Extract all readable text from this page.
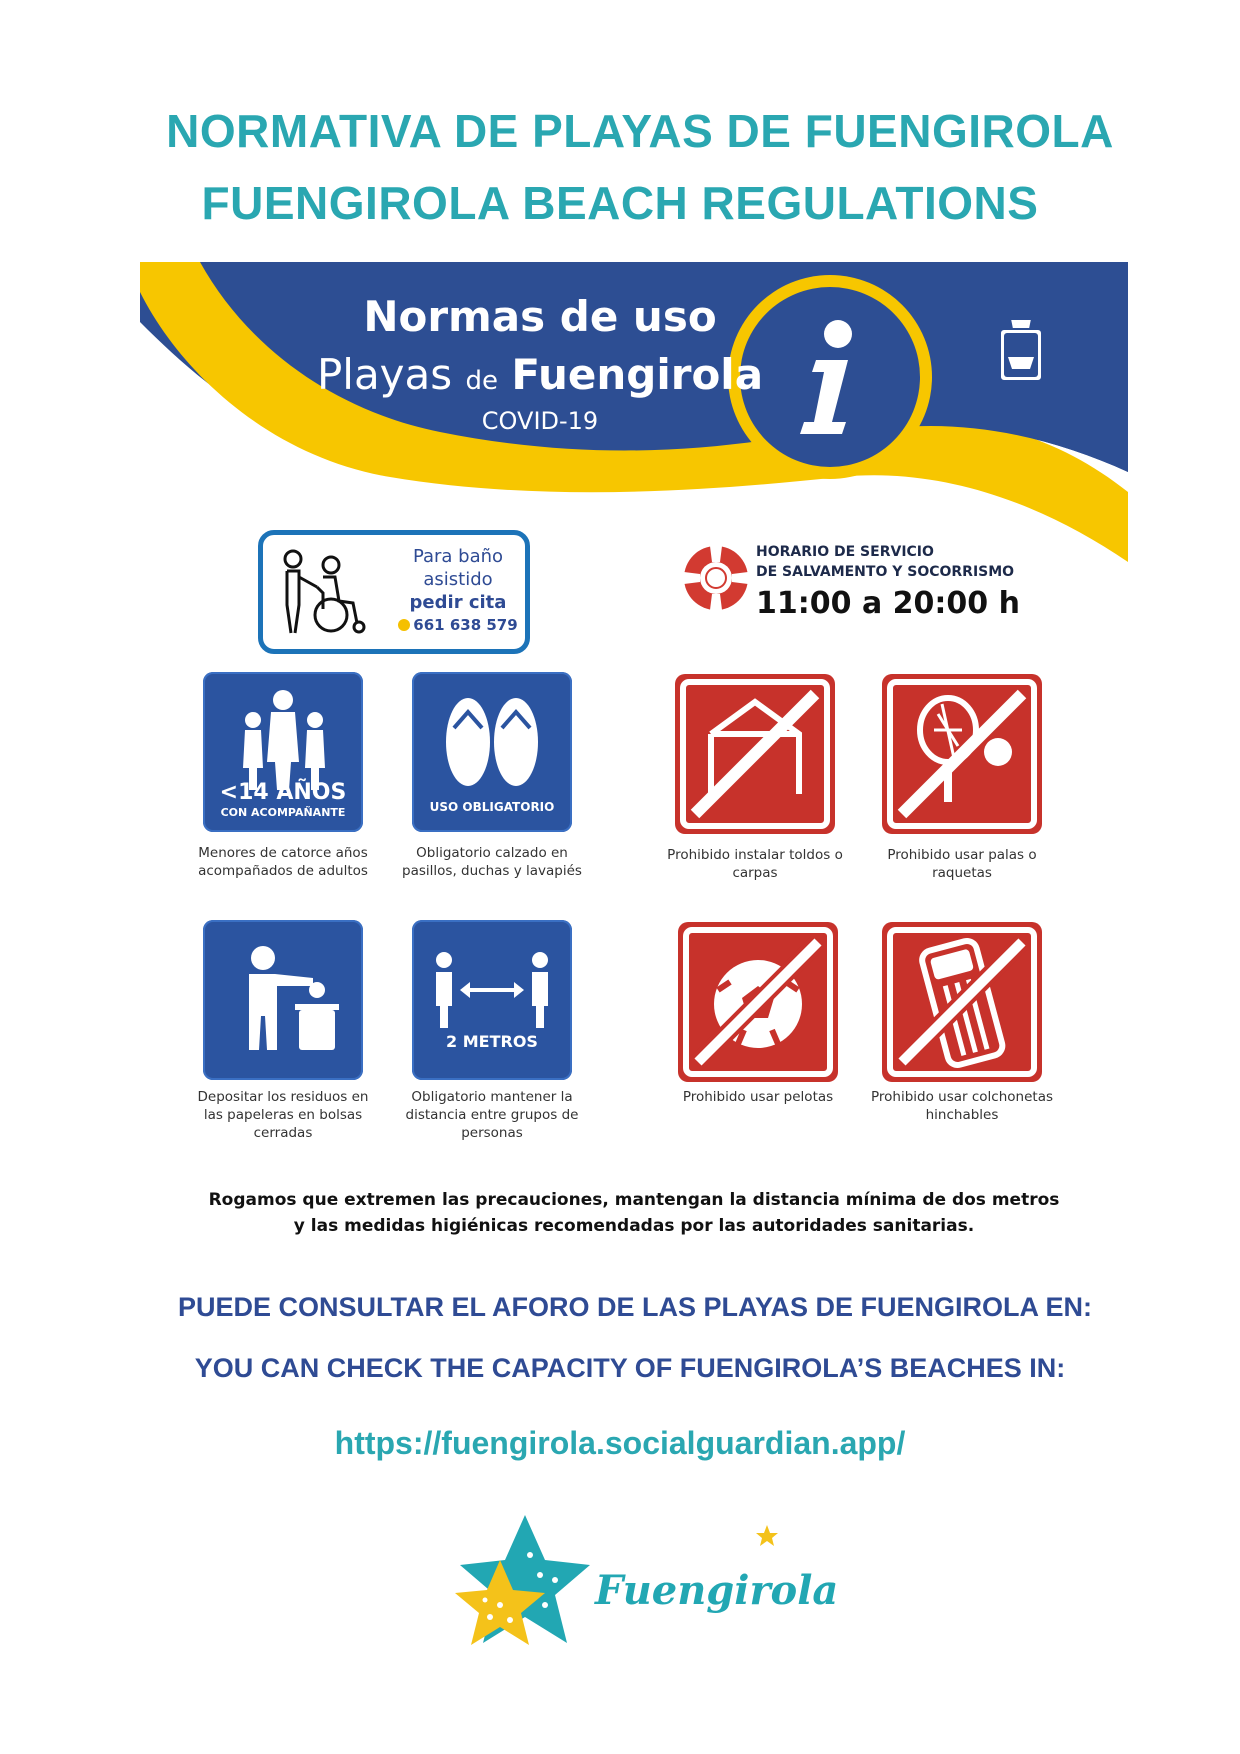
NORMATIVA DE PLAYAS DE FUENGIROLA
FUENGIROLA BEACH REGULATIONS
Normas de uso
Playas de Fuengirola
COVID-19
Para baño
asistido
pedir cita
661 638 579
HORARIO DE SERVICIO
DE SALVAMENTO Y SOCORRISMO
11:00 a 20:00 h
<14 AÑOS
CON ACOMPAÑANTE
Menores de catorce años acompañados de adultos
USO OBLIGATORIO
Obligatorio calzado en pasillos, duchas y lavapiés
Prohibido instalar toldos o carpas
Prohibido usar palas o raquetas
Depositar los residuos en las papeleras en bolsas cerradas
2 METROS
Obligatorio mantener la distancia entre grupos de personas
Prohibido usar pelotas	Prohibido usar colchonetas hinchables
Rogamos que extremen las precauciones, mantengan la distancia mínima de dos metros
y las medidas higiénicas recomendadas por las autoridades sanitarias.
PUEDE CONSULTAR EL AFORO DE LAS PLAYAS DE FUENGIROLA EN:
YOU CAN CHECK THE CAPACITY OF FUENGIROLA’S BEACHES IN:
https://fuengirola.socialguardian.app/
Fuengirola
